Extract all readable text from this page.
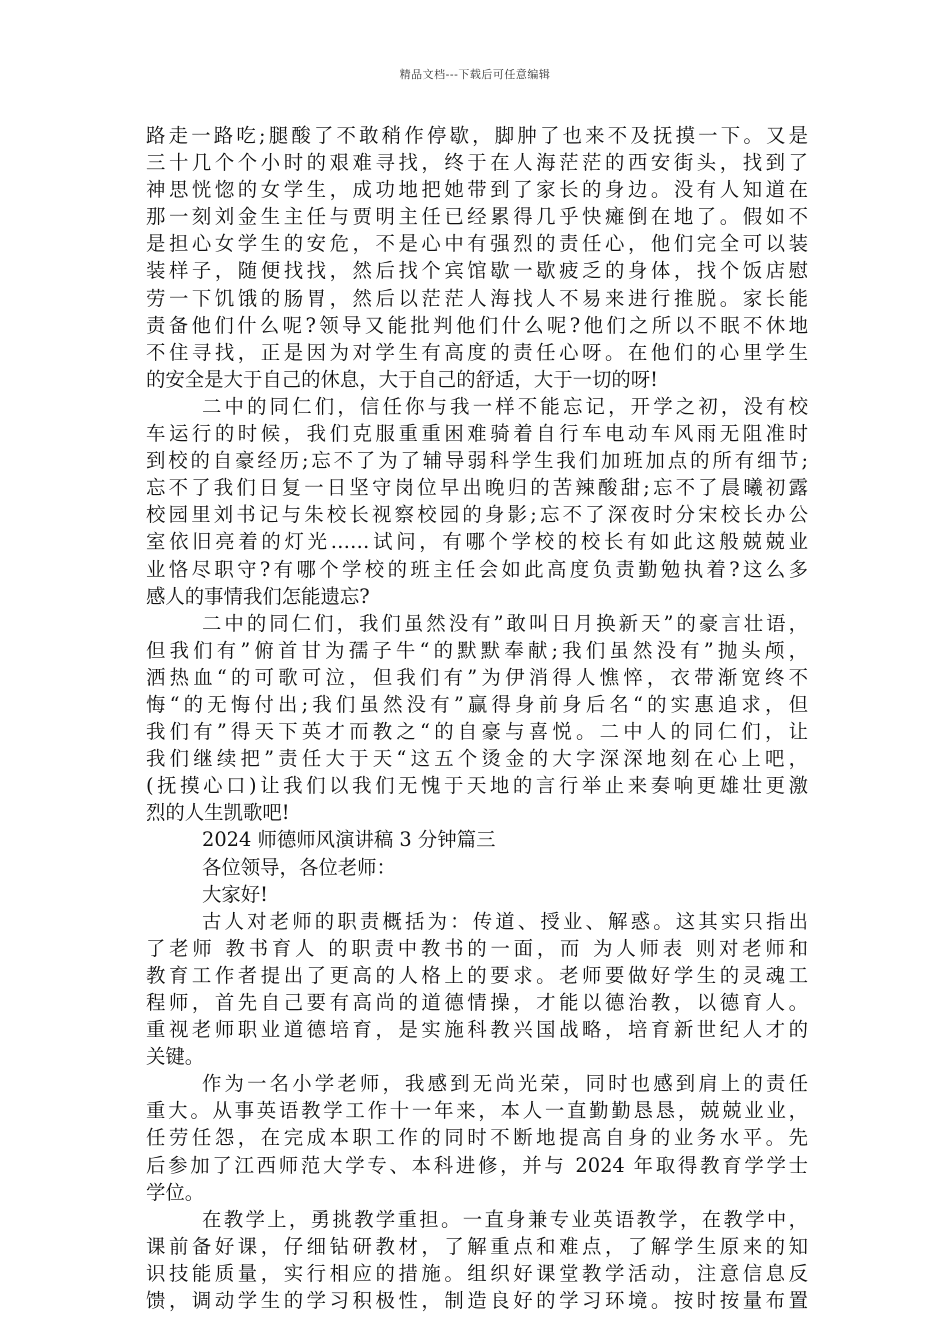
精品文档---下载后可任意编辑
路走一路吃;腿酸了不敢稍作停歇，脚肿了也来不及抚摸一下。又是
三十几个个小时的艰难寻找，终于在人海茫茫的西安街头，找到了
神思恍惚的女学生，成功地把她带到了家长的身边。没有人知道在
那一刻刘金生主任与贾明主任已经累得几乎快瘫倒在地了。假如不
是担心女学生的安危，不是心中有强烈的责任心，他们完全可以装
装样子，随便找找，然后找个宾馆歇一歇疲乏的身体，找个饭店慰
劳一下饥饿的肠胃，然后以茫茫人海找人不易来进行推脱。家长能
责备他们什么呢?领导又能批判他们什么呢?他们之所以不眠不休地
不住寻找，正是因为对学生有高度的责任心呀。在他们的心里学生
的安全是大于自己的休息，大于自己的舒适，大于一切的呀!
二中的同仁们，信任你与我一样不能忘记，开学之初，没有校
车运行的时候，我们克服重重困难骑着自行车电动车风雨无阻准时
到校的自豪经历;忘不了为了辅导弱科学生我们加班加点的所有细节;
忘不了我们日复一日坚守岗位早出晚归的苦辣酸甜;忘不了晨曦初露
校园里刘书记与朱校长视察校园的身影;忘不了深夜时分宋校长办公
室依旧亮着的灯光……试问，有哪个学校的校长有如此这般兢兢业
业恪尽职守?有哪个学校的班主任会如此高度负责勤勉执着?这么多
感人的事情我们怎能遗忘?
二中的同仁们，我们虽然没有”敢叫日月换新天”的豪言壮语，
但我们有”俯首甘为孺子牛“的默默奉献;我们虽然没有”抛头颅，
洒热血“的可歌可泣，但我们有”为伊消得人憔悴，衣带渐宽终不
悔“的无悔付出;我们虽然没有”赢得身前身后名“的实惠追求，但
我们有”得天下英才而教之“的自豪与喜悦。二中人的同仁们，让
我们继续把”责任大于天“这五个烫金的大字深深地刻在心上吧，
(抚摸心口)让我们以我们无愧于天地的言行举止来奏响更雄壮更激
烈的人生凯歌吧!
2024 师德师风演讲稿 3 分钟篇三
各位领导，各位老师：
大家好!
古人对老师的职责概括为：传道、授业、解惑。这其实只指出
了老师 教书育人 的职责中教书的一面，而 为人师表 则对老师和
教育工作者提出了更高的人格上的要求。老师要做好学生的灵魂工
程师，首先自己要有高尚的道德情操，才能以德治教，以德育人。
重视老师职业道德培育，是实施科教兴国战略，培育新世纪人才的
关键。
作为一名小学老师，我感到无尚光荣，同时也感到肩上的责任
重大。从事英语教学工作十一年来，本人一直勤勤恳恳，兢兢业业，
任劳任怨，在完成本职工作的同时不断地提高自身的业务水平。先
后参加了江西师范大学专、本科进修，并与 2024 年取得教育学学士
学位。
在教学上，勇挑教学重担。一直身兼专业英语教学，在教学中，
课前备好课，仔细钻研教材，了解重点和难点，了解学生原来的知
识技能质量，实行相应的措施。组织好课堂教学活动，注意信息反
馈，调动学生的学习积极性，制造良好的学习环境。按时按量布置
